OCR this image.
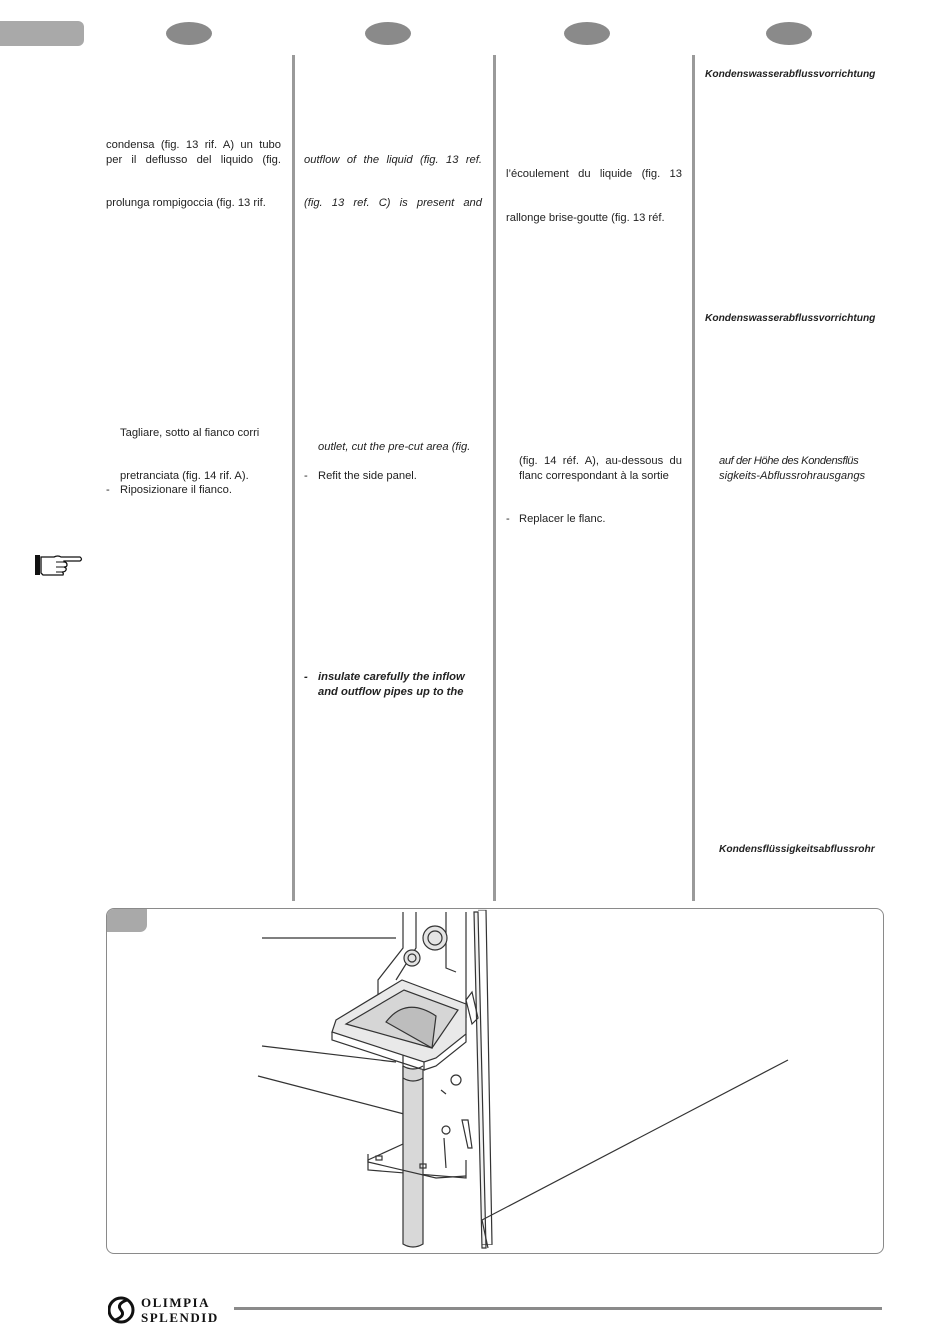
condensa (fig. 13 rif. A) un tubo
per il deflusso del liquido (fig.
prolunga rompigoccia (fig. 13 rif.
Tagliare, sotto al fianco corri
pretranciata (fig. 14 rif. A).
- Riposizionare il fianco.
outflow of the liquid (fig. 13 ref.
(fig. 13 ref. C) is present and
outlet, cut the pre-cut area (fig.
- Refit the side panel.
- insulate carefully the inflow
and outflow pipes up to the
l’écoulement du liquide (fig. 13
rallonge brise-goutte (fig. 13 réf.
(fig. 14 réf. A), au-dessous du
flanc correspondant à la sortie
- Replacer le flanc.
Kondenswasserabflussvorrichtung
Kondenswasserabflussvorrichtung
auf der Höhe des Kondensflüs
sigkeits-Abflussrohrausgangs
Kondensflüssigkeitsabflussrohr
OLIMPIA
SPLENDID
